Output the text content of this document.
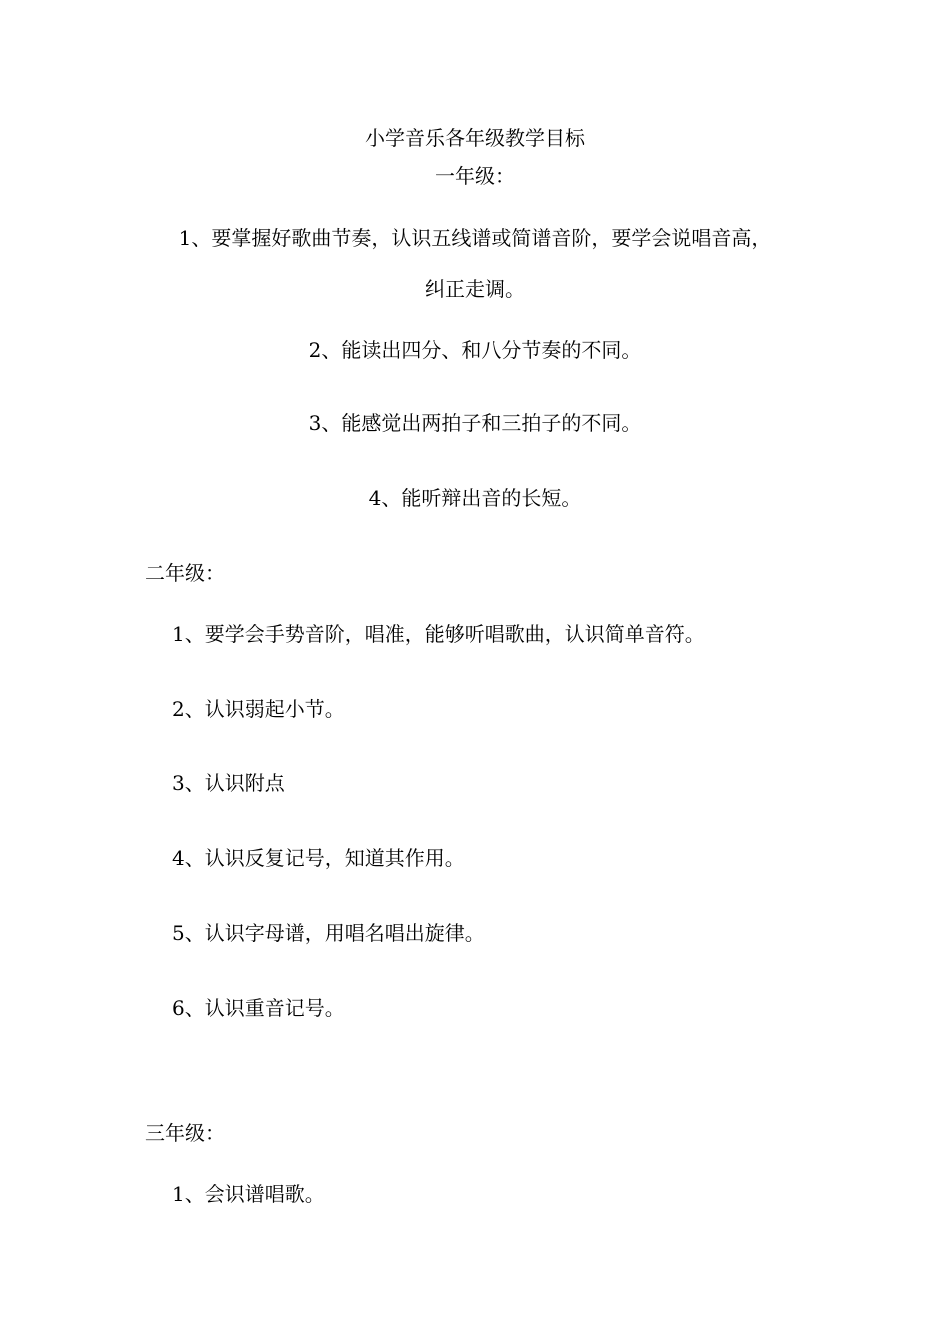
小学音乐各年级教学目标

一年级：

1、要掌握好歌曲节奏，认识五线谱或简谱音阶，要学会说唱音高，

纠正走调。

2、能读出四分、和八分节奏的不同。

3、能感觉出两拍子和三拍子的不同。

4、能听辩出音的长短。

二年级：

1、要学会手势音阶，唱准，能够听唱歌曲，认识简单音符。

2、认识弱起小节。

3、认识附点

4、认识反复记号，知道其作用。

5、认识字母谱，用唱名唱出旋律。

6、认识重音记号。

三年级：

1、会识谱唱歌。
